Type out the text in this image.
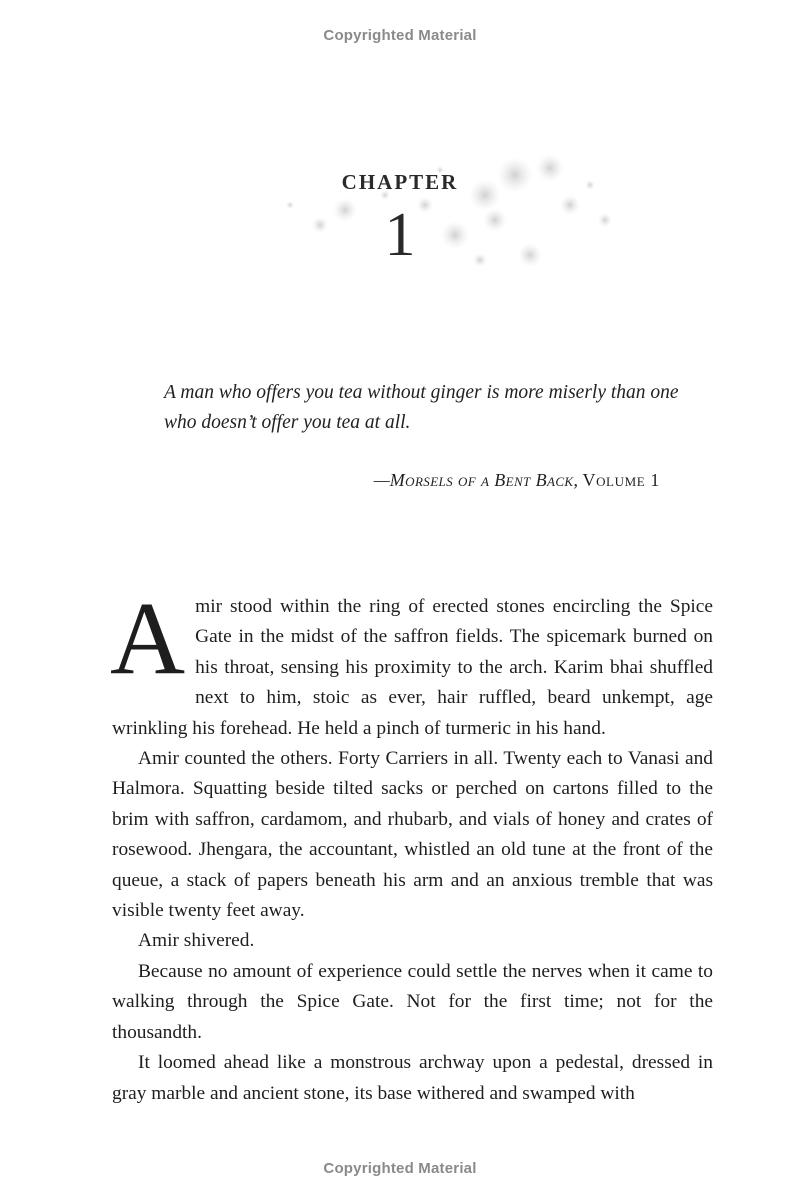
Copyrighted Material
CHAPTER
1

A man who offers you tea without ginger is more miserly than one who doesn’t offer you tea at all.

—Morsels of a Bent Back, Volume 1

Amir stood within the ring of erected stones encircling the Spice Gate in the midst of the saffron fields. The spicemark burned on his throat, sensing his proximity to the arch. Karim bhai shuffled next to him, stoic as ever, hair ruffled, beard unkempt, age wrinkling his forehead. He held a pinch of turmeric in his hand.

Amir counted the others. Forty Carriers in all. Twenty each to Vanasi and Halmora. Squatting beside tilted sacks or perched on cartons filled to the brim with saffron, cardamom, and rhubarb, and vials of honey and crates of rosewood. Jhengara, the accountant, whistled an old tune at the front of the queue, a stack of papers beneath his arm and an anxious tremble that was visible twenty feet away.

Amir shivered.

Because no amount of experience could settle the nerves when it came to walking through the Spice Gate. Not for the first time; not for the thousandth.

It loomed ahead like a monstrous archway upon a pedestal, dressed in gray marble and ancient stone, its base withered and swamped with

Copyrighted Material
